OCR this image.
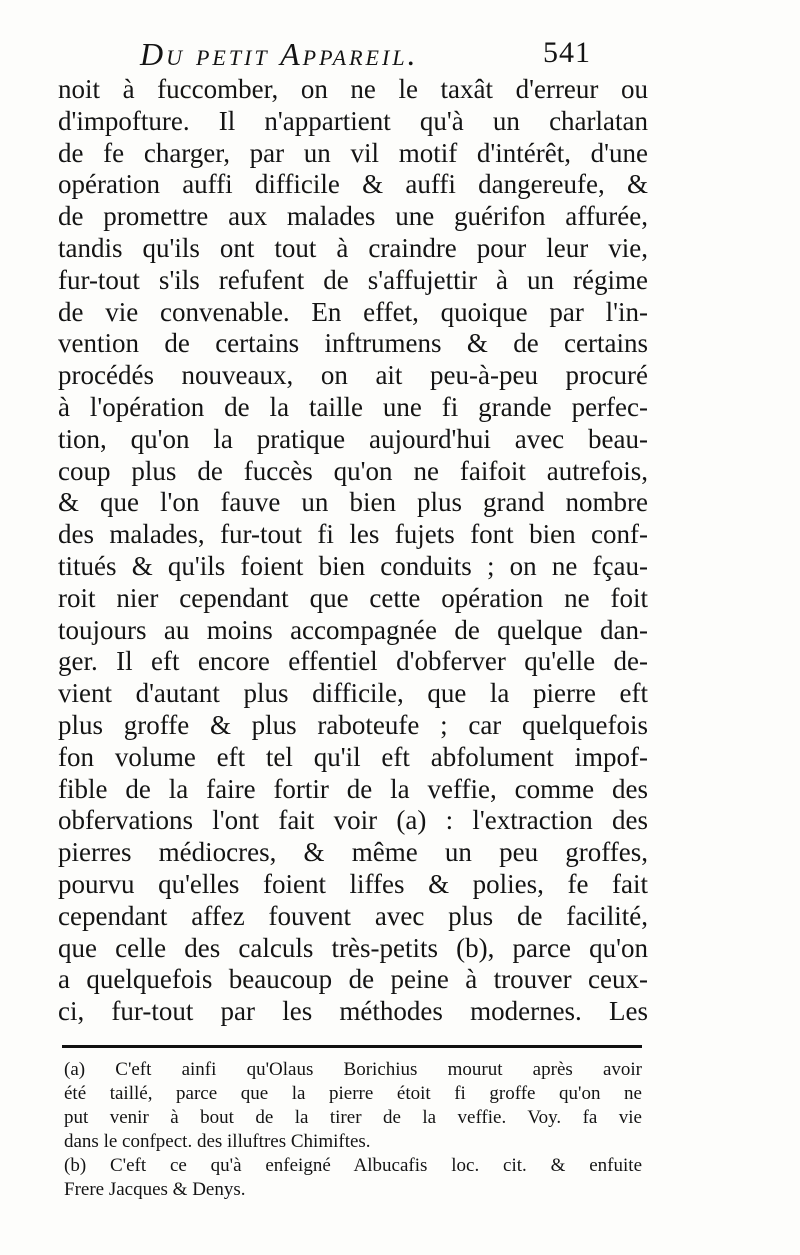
Du petit Appareil.	541
noit à fuccomber, on ne le taxât d'erreur ou
d'impofture. Il n'appartient qu'à un charlatan
de fe charger, par un vil motif d'intérêt, d'une
opération auffi difficile & auffi dangereufe, &
de promettre aux malades une guérifon affurée,
tandis qu'ils ont tout à craindre pour leur vie,
fur-tout s'ils refufent de s'affujettir à un régime
de vie convenable. En effet, quoique par l'in-
vention de certains inftrumens & de certains
procédés nouveaux, on ait peu-à-peu procuré
à l'opération de la taille une fi grande perfec-
tion, qu'on la pratique aujourd'hui avec beau-
coup plus de fuccès qu'on ne faifoit autrefois,
& que l'on fauve un bien plus grand nombre
des malades, fur-tout fi les fujets font bien conf-
titués & qu'ils foient bien conduits ; on ne fçau-
roit nier cependant que cette opération ne foit
toujours au moins accompagnée de quelque dan-
ger. Il eft encore effentiel d'obferver qu'elle de-
vient d'autant plus difficile, que la pierre eft
plus groffe & plus raboteufe ; car quelquefois
fon volume eft tel qu'il eft abfolument impof-
fible de la faire fortir de la veffie, comme des
obfervations l'ont fait voir (a) : l'extraction des
pierres médiocres, & même un peu groffes,
pourvu qu'elles foient liffes & polies, fe fait
cependant affez fouvent avec plus de facilité,
que celle des calculs très-petits (b), parce qu'on
a quelquefois beaucoup de peine à trouver ceux-
ci, fur-tout par les méthodes modernes. Les
(a) C'eft ainfi qu'Olaus Borichius mourut après avoir
été taillé, parce que la pierre étoit fi groffe qu'on ne
put venir à bout de la tirer de la veffie. Voy. fa vie
dans le confpect. des illuftres Chimiftes.
(b) C'eft ce qu'à enfeigné Albucafis loc. cit. & enfuite
Frere Jacques & Denys.
